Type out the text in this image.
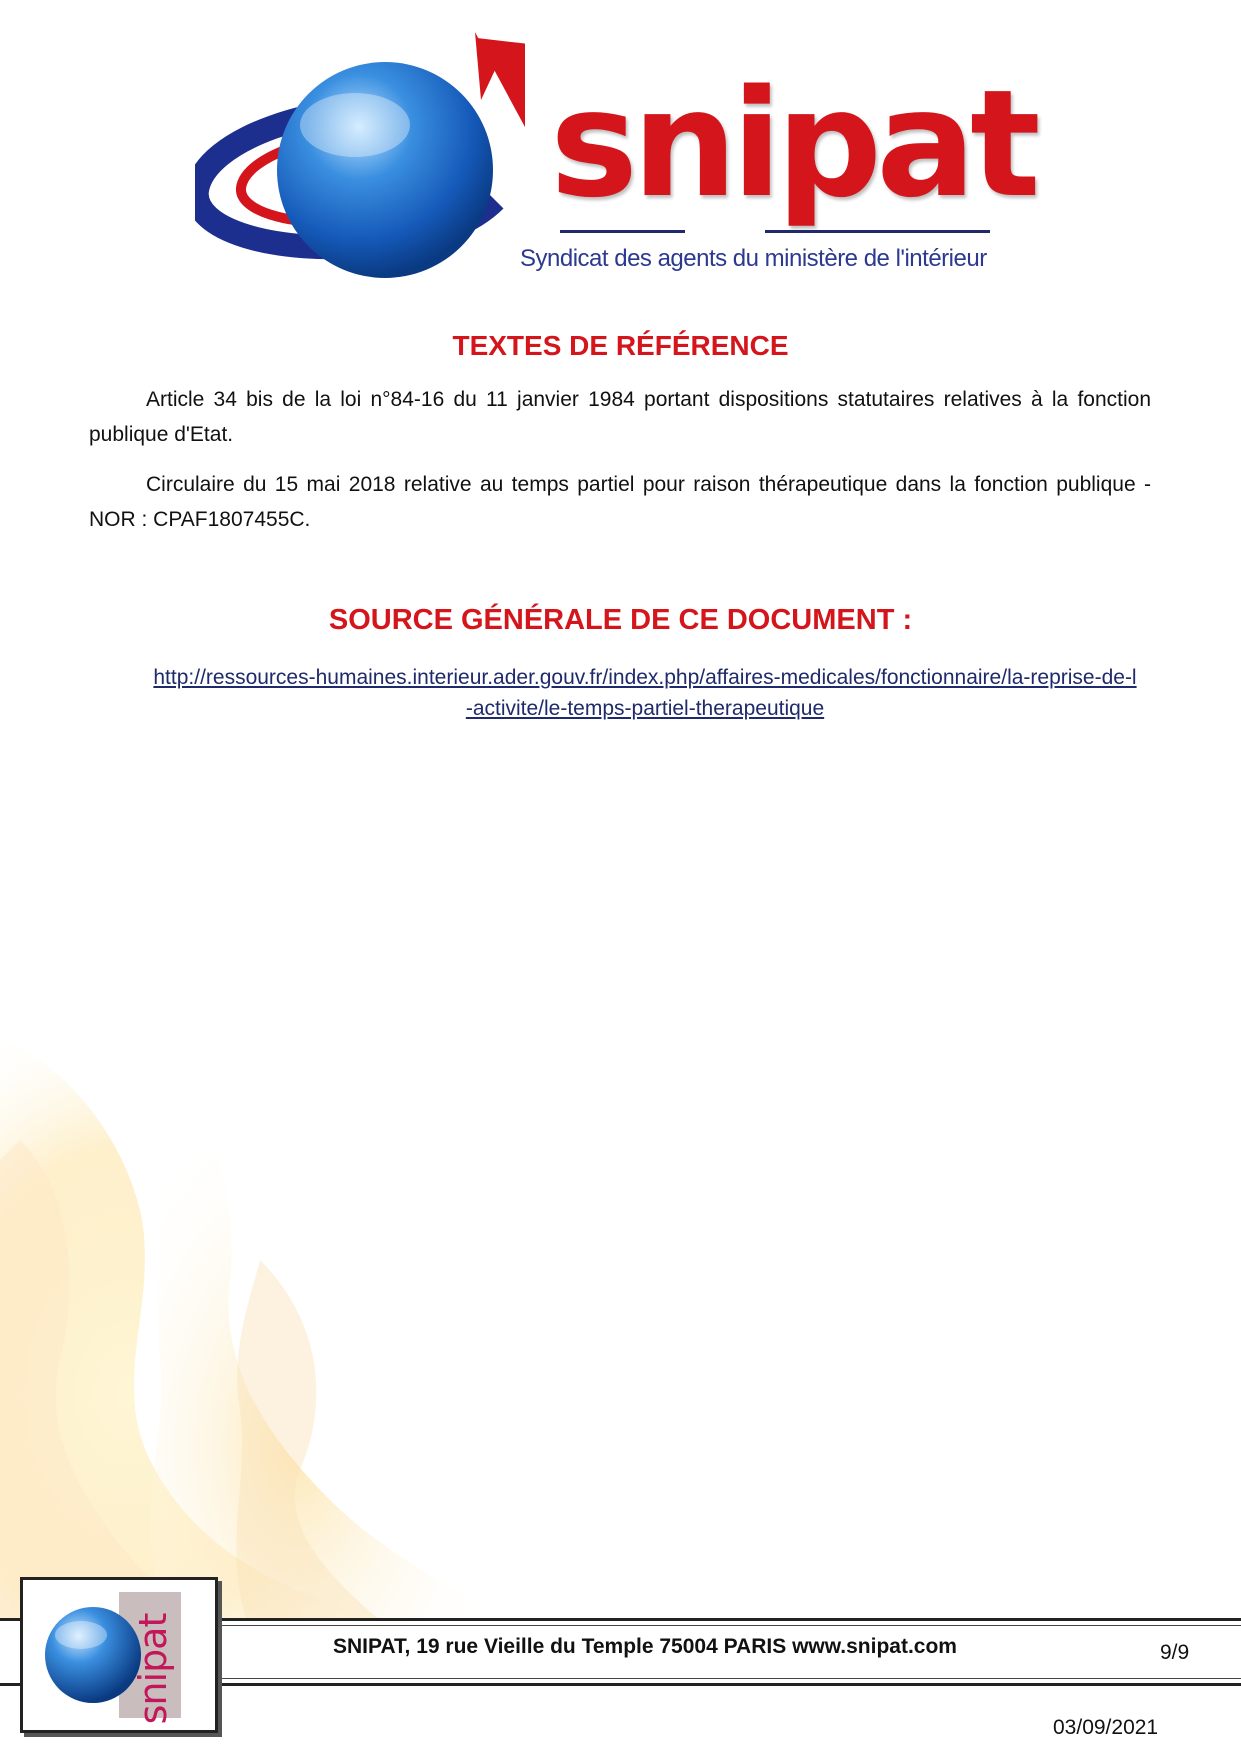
snipat
Syndicat des agents du ministère de l'intérieur
TEXTES DE RÉFÉRENCE

Article 34 bis de la loi n°84-16 du 11 janvier 1984 portant dispositions statutaires relatives à la fonction publique d'Etat.

Circulaire du 15 mai 2018 relative au temps partiel pour raison thérapeutique dans la fonction publique - NOR : CPAF1807455C.

SOURCE GÉNÉRALE DE CE DOCUMENT :
http://ressources-humaines.interieur.ader.gouv.fr/index.php/affaires-medicales/fonctionnaire/la-reprise-de-l-activite/le-temps-partiel-therapeutique
snipat	SNIPAT, 19 rue Vieille du Temple 75004 PARIS www.snipat.com	9/9
03/09/2021
